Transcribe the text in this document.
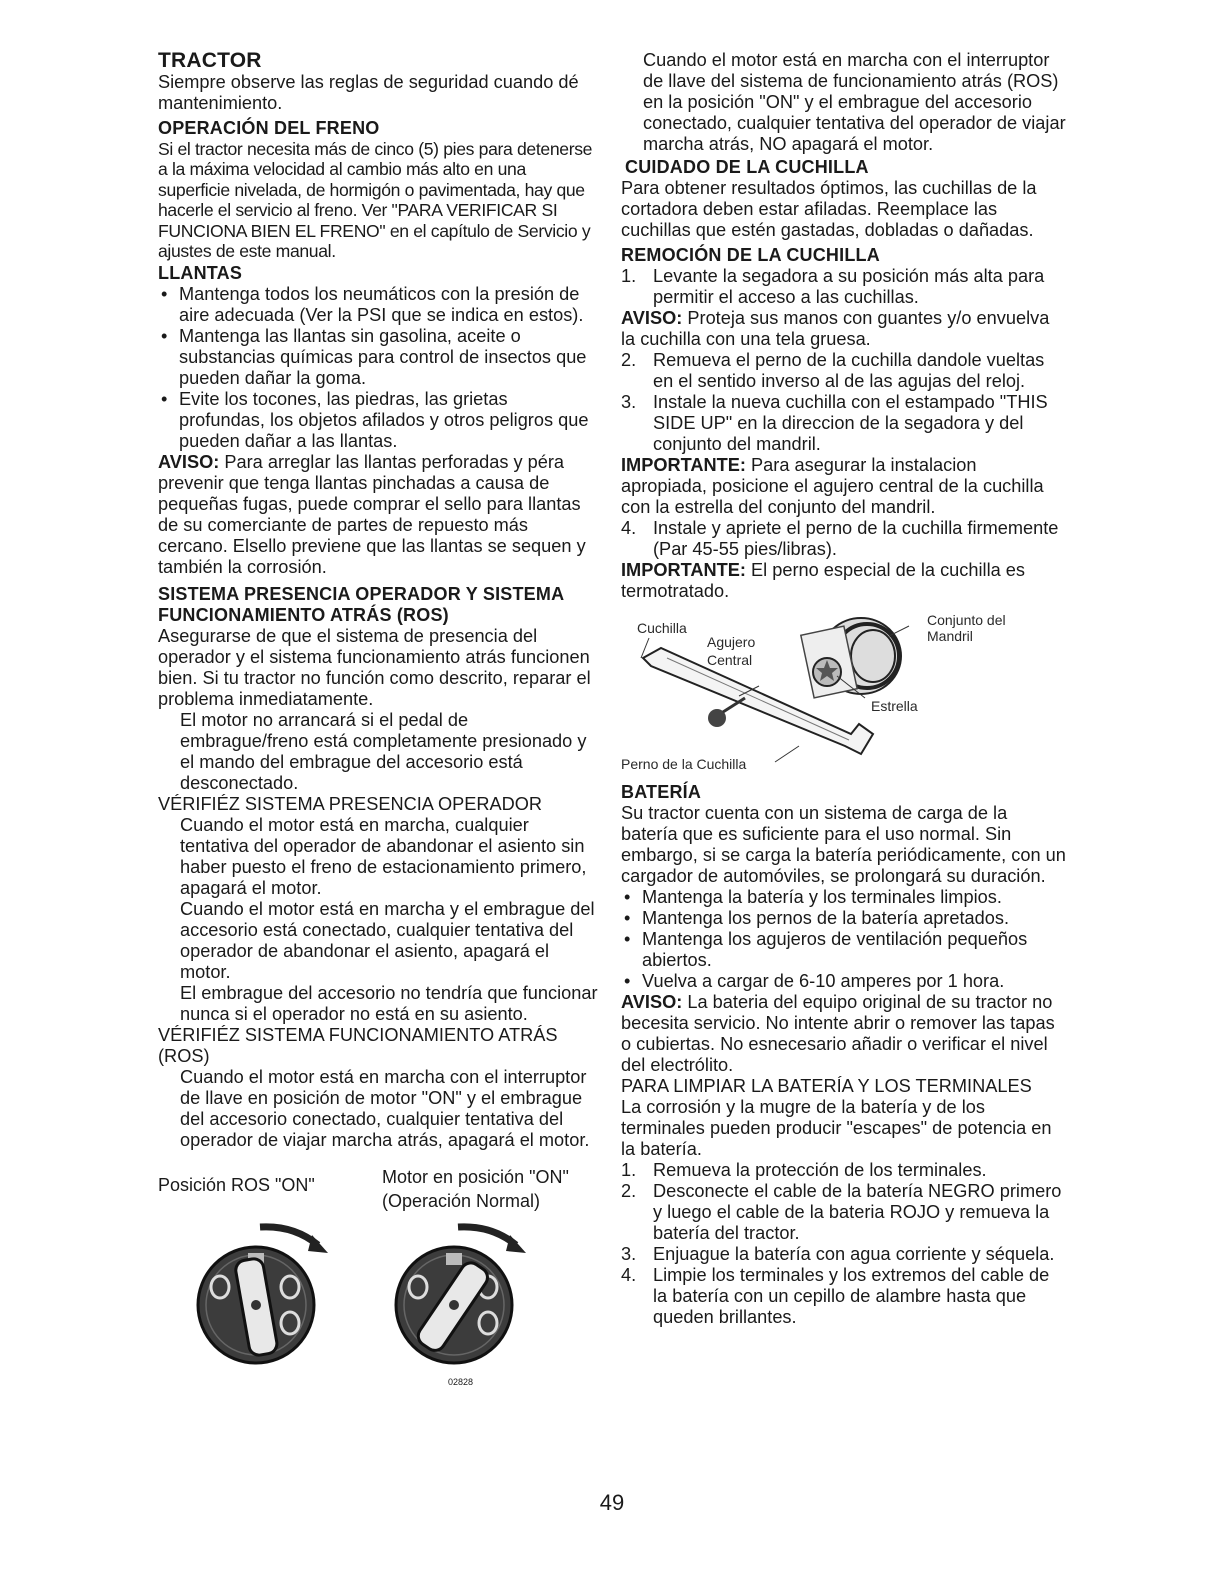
TRACTOR

Siempre observe las reglas de seguridad cuando dé mantenimiento.

OPERACIÓN DEL FRENO

Si el tractor necesita más de cinco (5) pies para detenerse a la máxima velocidad al cambio más alto en una superficie nivelada, de hormigón o pavimentada, hay que hacerle el servicio al freno. Ver "PARA VERIFICAR SI FUNCIONA BIEN EL FRENO" en el capítulo de Servicio y ajustes de este manual.

LLANTAS
• Mantenga todos los neumáticos con la presión de aire adecuada (Ver la PSI que se indica en estos).
• Mantenga las llantas sin gasolina, aceite o substancias químicas para control de insectos que pueden dañar la goma.
• Evite los tocones, las piedras, las grietas profundas, los objetos afilados y otros peligros que pueden dañar a las llantas.

AVISO: Para arreglar las llantas perforadas y péra prevenir que tenga llantas pinchadas a causa de pequeñas fugas, puede comprar el sello para llantas de su comerciante de partes de repuesto más cercano. Elsello previene que las llantas se sequen y también la corrosión.

SISTEMA PRESENCIA OPERADOR Y SISTEMA FUNCIONAMIENTO ATRÁS (ROS)

Asegurarse de que el sistema de presencia del operador y el sistema funcionamiento atrás funcionen bien. Si tu tractor no función como descrito, reparar el problema inmediatamente.

El motor no arrancará si el pedal de embrague/freno está completamente presionado y el mando del embrague del accesorio está desconectado.

VÉRIFIÉZ SISTEMA PRESENCIA OPERADOR

Cuando el motor está en marcha, cualquier tentativa del operador de abandonar el asiento sin haber puesto el freno de estacionamiento primero, apagará el motor.

Cuando el motor está en marcha y el embrague del accesorio está conectado, cualquier tentativa del operador de abandonar el asiento, apagará el motor.

El embrague del accesorio no tendría que funcionar nunca si el operador no está en su asiento.

VÉRIFIÉZ SISTEMA FUNCIONAMIENTO ATRÁS (ROS)

Cuando el motor está en marcha con el interruptor de llave en posición de motor "ON" y el embrague del accesorio conectado, cualquier tentativa del operador de viajar marcha atrás, apagará el motor.

Posición ROS "ON"	Motor en posición "ON"
(Operación Normal)
02828

Cuando el motor está en marcha con el interruptor de llave del sistema de funcionamiento atrás (ROS) en la posición "ON" y el embrague del accesorio conectado, cualquier tentativa del operador de viajar marcha atrás, NO apagará el motor.

CUIDADO DE LA CUCHILLA

Para obtener resultados óptimos, las cuchillas de la cortadora deben estar afiladas. Reemplace las cuchillas que estén gastadas, dobladas o dañadas.

REMOCIÓN DE LA CUCHILLA
1. Levante la segadora a su posición más alta para permitir el acceso a las cuchillas.

AVISO: Proteja sus manos con guantes y/o envuelva la cuchilla con una tela gruesa.

2. Remueva el perno de la cuchilla dandole vueltas en el sentido inverso al de las agujas del reloj.
3. Instale la nueva cuchilla con el estampado "THIS SIDE UP" en la direccion de la segadora y del conjunto del mandril.

IMPORTANTE: Para asegurar la instalacion apropiada, posicione el agujero central de la cuchilla con la estrella del conjunto del mandril.

4. Instale y apriete el perno de la cuchilla firmemente (Par 45-55 pies/libras).

IMPORTANTE: El perno especial de la cuchilla es termotratado.

Cuchilla
Agujero
Central
Conjunto del
Mandril
Estrella
Perno de la Cuchilla
BATERÍA

Su tractor cuenta con un sistema de carga de la batería que es suficiente para el uso normal. Sin embargo, si se carga la batería periódicamente, con un cargador de automóviles, se prolongará su duración.

• Mantenga la batería y los terminales limpios.
• Mantenga los pernos de la batería apretados.
• Mantenga los agujeros de ventilación pequeños abiertos.
• Vuelva a cargar de 6-10 amperes por 1 hora.

AVISO: La bateria del equipo original de su tractor no becesita servicio. No intente abrir o remover las tapas o cubiertas. No esnecesario añadir o verificar el nivel del electrólito.

PARA LIMPIAR LA BATERÍA Y LOS TERMINALES

La corrosión y la mugre de la batería y de los terminales pueden producir "escapes" de potencia en la batería.

1. Remueva la protección de los terminales.
2. Desconecte el cable de la batería NEGRO primero y luego el cable de la bateria ROJO y remueva la batería del tractor.
3. Enjuague la batería con agua corriente y séquela.
4. Limpie los terminales y los extremos del cable de la batería con un cepillo de alambre hasta que queden brillantes.
49
